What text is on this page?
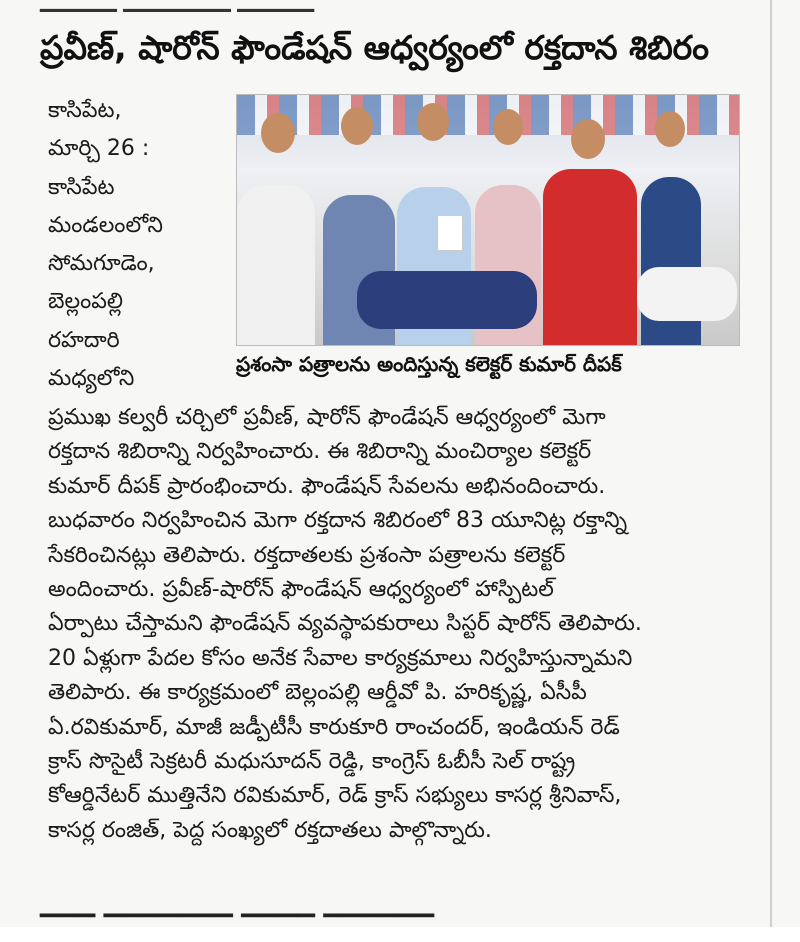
▁▁▁▁▁ ▁▁▁▁▁▁▁ ▁▁▁▁▁
ప్రవీణ్, షారోన్ ఫౌండేషన్ ఆధ్వర్యంలో రక్తదాన శిబిరం
కాసిపేట,
మార్చి 26 :
కాసిపేట
మండలంలోని
సోమగూడెం,
బెల్లంపల్లి
రహదారి
మధ్యలోని
ప్రశంసా పత్రాలను అందిస్తున్న కలెక్టర్ కుమార్ దీపక్

ప్రముఖ కల్వరీ చర్చిలో ప్రవీణ్, షారోన్ ఫౌండేషన్ ఆధ్వర్యంలో మెగా

రక్తదాన శిబిరాన్ని నిర్వహించారు. ఈ శిబిరాన్ని మంచిర్యాల కలెక్టర్

కుమార్ దీపక్ ప్రారంభించారు. ఫౌండేషన్ సేవలను అభినందించారు.

బుధవారం నిర్వహించిన మెగా రక్తదాన శిబిరంలో 83 యూనిట్ల రక్తాన్ని

సేకరించినట్లు తెలిపారు. రక్తదాతలకు ప్రశంసా పత్రాలను కలెక్టర్

అందించారు. ప్రవీణ్-షారోన్ ఫౌండేషన్ ఆధ్వర్యంలో హాస్పిటల్

ఏర్పాటు చేస్తామని ఫౌండేషన్ వ్యవస్థాపకురాలు సిస్టర్ షారోన్ తెలిపారు.

20 ఏళ్లుగా పేదల కోసం అనేక సేవాల కార్యక్రమాలు నిర్వహిస్తున్నామని

తెలిపారు. ఈ కార్యక్రమంలో బెల్లంపల్లి ఆర్డీవో పి. హరికృష్ణ, ఏసీపీ

ఏ.రవికుమార్, మాజీ జడ్పీటీసీ కారుకూరి రాంచందర్, ఇండియన్ రెడ్

క్రాస్ సొసైటీ సెక్రటరీ మధుసూదన్ రెడ్డి, కాంగ్రెస్ ఓబీసీ సెల్ రాష్ట్ర

కోఆర్డినేటర్ ముత్తినేని రవికుమార్, రెడ్ క్రాస్ సభ్యులు కాసర్ల శ్రీనివాస్,

కాసర్ల రంజిత్, పెద్ద సంఖ్యలో రక్తదాతలు పాల్గొన్నారు.

▔▔▔ ▔▔▔▔▔▔▔ ▔▔▔▔ ▔▔▔▔▔▔
